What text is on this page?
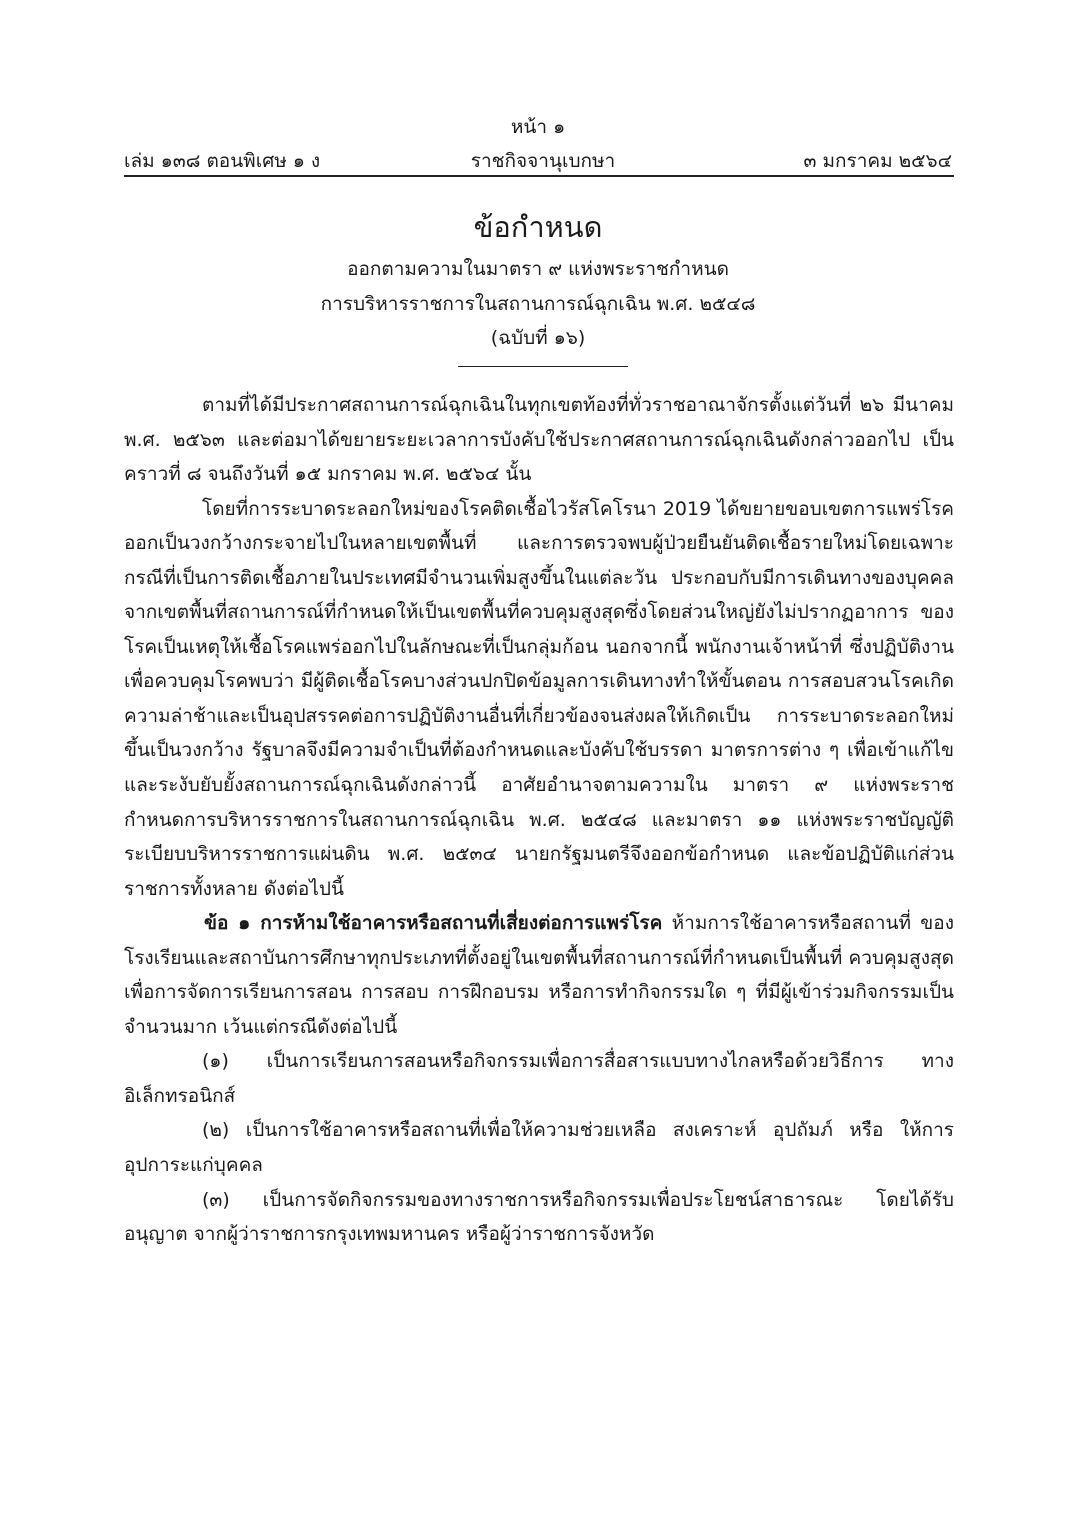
หน้า ๑
เล่ม ๑๓๘ ตอนพิเศษ ๑ ง	ราชกิจจานุเบกษา	๓ มกราคม ๒๕๖๔
ข้อกำหนด
ออกตามความในมาตรา ๙ แห่งพระราชกำหนด
การบริหารราชการในสถานการณ์ฉุกเฉิน พ.ศ. ๒๕๔๘
(ฉบับที่ ๑๖)

ตามที่ได้มีประกาศสถานการณ์ฉุกเฉินในทุกเขตท้องที่ทั่วราชอาณาจักรตั้งแต่วันที่ ๒๖ มีนาคม พ.ศ. ๒๕๖๓ และต่อมาได้ขยายระยะเวลาการบังคับใช้ประกาศสถานการณ์ฉุกเฉินดังกล่าวออกไป เป็นคราวที่ ๘ จนถึงวันที่ ๑๕ มกราคม พ.ศ. ๒๕๖๔ นั้น

โดยที่การระบาดระลอกใหม่ของโรคติดเชื้อไวรัสโคโรนา 2019 ได้ขยายขอบเขตการแพร่โรค ออกเป็นวงกว้างกระจายไปในหลายเขตพื้นที่ และการตรวจพบผู้ป่วยยืนยันติดเชื้อรายใหม่โดยเฉพาะ กรณีที่เป็นการติดเชื้อภายในประเทศมีจำนวนเพิ่มสูงขึ้นในแต่ละวัน ประกอบกับมีการเดินทางของบุคคล จากเขตพื้นที่สถานการณ์ที่กำหนดให้เป็นเขตพื้นที่ควบคุมสูงสุดซึ่งโดยส่วนใหญ่ยังไม่ปรากฏอาการ ของโรคเป็นเหตุให้เชื้อโรคแพร่ออกไปในลักษณะที่เป็นกลุ่มก้อน นอกจากนี้ พนักงานเจ้าหน้าที่ ซึ่งปฏิบัติงานเพื่อควบคุมโรคพบว่า มีผู้ติดเชื้อโรคบางส่วนปกปิดข้อมูลการเดินทางทำให้ขั้นตอน การสอบสวนโรคเกิดความล่าช้าและเป็นอุปสรรคต่อการปฏิบัติงานอื่นที่เกี่ยวข้องจนส่งผลให้เกิดเป็น การระบาดระลอกใหม่ขึ้นเป็นวงกว้าง รัฐบาลจึงมีความจำเป็นที่ต้องกำหนดและบังคับใช้บรรดา มาตรการต่าง ๆ เพื่อเข้าแก้ไขและระงับยับยั้งสถานการณ์ฉุกเฉินดังกล่าวนี้ อาศัยอำนาจตามความใน มาตรา ๙ แห่งพระราชกำหนดการบริหารราชการในสถานการณ์ฉุกเฉิน พ.ศ. ๒๕๔๘ และมาตรา ๑๑ แห่งพระราชบัญญัติระเบียบบริหารราชการแผ่นดิน พ.ศ. ๒๕๓๔ นายกรัฐมนตรีจึงออกข้อกำหนด และข้อปฏิบัติแก่ส่วนราชการทั้งหลาย ดังต่อไปนี้

ข้อ ๑ การห้ามใช้อาคารหรือสถานที่เสี่ยงต่อการแพร่โรค ห้ามการใช้อาคารหรือสถานที่ ของโรงเรียนและสถาบันการศึกษาทุกประเภทที่ตั้งอยู่ในเขตพื้นที่สถานการณ์ที่กำหนดเป็นพื้นที่ ควบคุมสูงสุด เพื่อการจัดการเรียนการสอน การสอบ การฝึกอบรม หรือการทำกิจกรรมใด ๆ ที่มีผู้เข้าร่วมกิจกรรมเป็นจำนวนมาก เว้นแต่กรณีดังต่อไปนี้

(๑) เป็นการเรียนการสอนหรือกิจกรรมเพื่อการสื่อสารแบบทางไกลหรือด้วยวิธีการ ทางอิเล็กทรอนิกส์

(๒) เป็นการใช้อาคารหรือสถานที่เพื่อให้ความช่วยเหลือ สงเคราะห์ อุปถัมภ์ หรือ ให้การอุปการะแก่บุคคล

(๓) เป็นการจัดกิจกรรมของทางราชการหรือกิจกรรมเพื่อประโยชน์สาธารณะ โดยได้รับอนุญาต จากผู้ว่าราชการกรุงเทพมหานคร หรือผู้ว่าราชการจังหวัด
